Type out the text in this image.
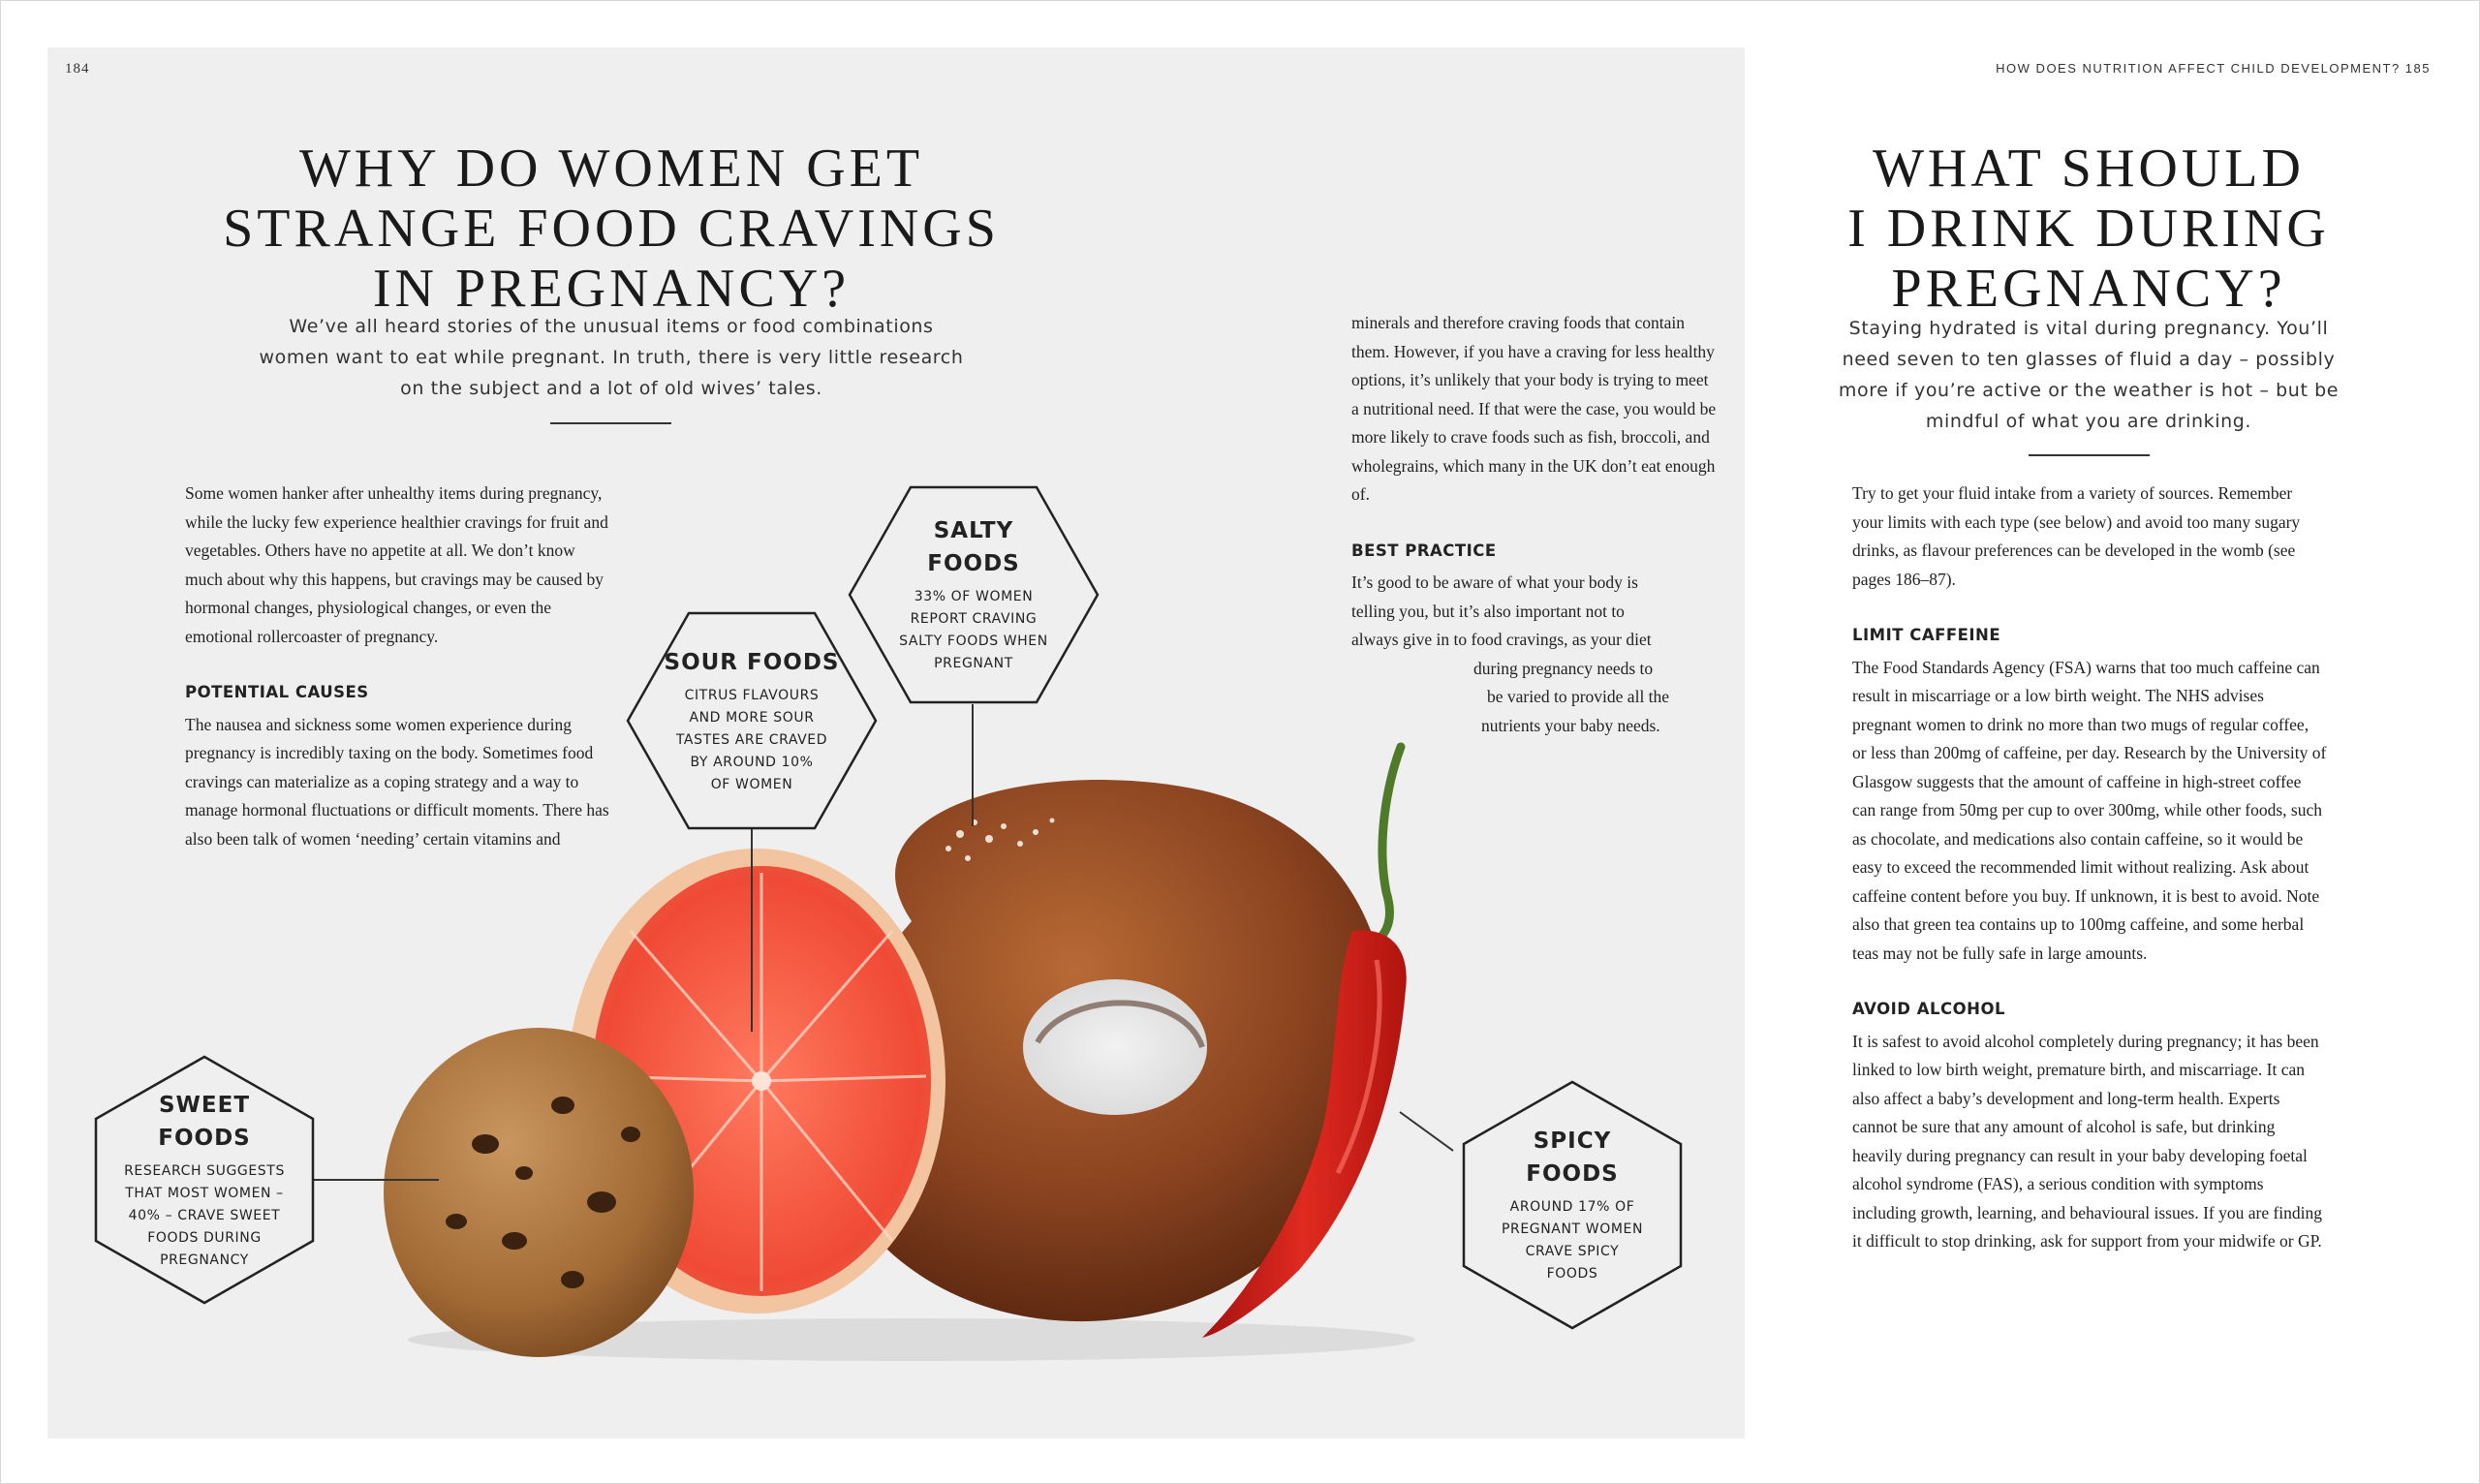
184	HOW DOES NUTRITION AFFECT CHILD DEVELOPMENT? 185
WHY DO WOMEN GET
STRANGE FOOD CRAVINGS
IN PREGNANCY?
We’ve all heard stories of the unusual items or food combinations
women want to eat while pregnant. In truth, there is very little research
on the subject and a lot of old wives’ tales.

Some women hanker after unhealthy items during pregnancy, while the lucky few experience healthier cravings for fruit and vegetables. Others have no appetite at all. We don’t know much about why this happens, but cravings may be caused by hormonal changes, physiological changes, or even the emotional rollercoaster of pregnancy.

POTENTIAL CAUSES

The nausea and sickness some women experience during pregnancy is incredibly taxing on the body. Sometimes food cravings can materialize as a coping strategy and a way to manage hormonal fluctuations or difficult moments. There has also been talk of women ‘needing’ certain vitamins and

minerals and therefore craving foods that contain them. However, if you have a craving for less healthy options, it’s unlikely that your body is trying to meet a nutritional need. If that were the case, you would be more likely to crave foods such as fish, broccoli, and wholegrains, which many in the UK don’t eat enough of.

BEST PRACTICE
It’s good to be aware of what your body is
telling you, but it’s also important not to
always give in to food cravings, as your diet
during pregnancy needs to
be varied to provide all the
nutrients your baby needs.
SALTY
FOODS
33% OF WOMEN
REPORT CRAVING
SALTY FOODS WHEN
PREGNANT
SOUR FOODS
CITRUS FLAVOURS
AND MORE SOUR
TASTES ARE CRAVED
BY AROUND 10%
OF WOMEN
SWEET
FOODS
RESEARCH SUGGESTS
THAT MOST WOMEN –
40% – CRAVE SWEET
FOODS DURING
PREGNANCY
SPICY
FOODS
AROUND 17% OF
PREGNANT WOMEN
CRAVE SPICY
FOODS
WHAT SHOULD
I DRINK DURING
PREGNANCY?
Staying hydrated is vital during pregnancy. You’ll
need seven to ten glasses of fluid a day – possibly
more if you’re active or the weather is hot – but be
mindful of what you are drinking.

Try to get your fluid intake from a variety of sources. Remember your limits with each type (see below) and avoid too many sugary drinks, as flavour preferences can be developed in the womb (see pages 186–87).

LIMIT CAFFEINE

The Food Standards Agency (FSA) warns that too much caffeine can result in miscarriage or a low birth weight. The NHS advises pregnant women to drink no more than two mugs of regular coffee, or less than 200mg of caffeine, per day. Research by the University of Glasgow suggests that the amount of caffeine in high-street coffee can range from 50mg per cup to over 300mg, while other foods, such as chocolate, and medications also contain caffeine, so it would be easy to exceed the recommended limit without realizing. Ask about caffeine content before you buy. If unknown, it is best to avoid. Note also that green tea contains up to 100mg caffeine, and some herbal teas may not be fully safe in large amounts.

AVOID ALCOHOL

It is safest to avoid alcohol completely during pregnancy; it has been linked to low birth weight, premature birth, and miscarriage. It can also affect a baby’s development and long-term health. Experts cannot be sure that any amount of alcohol is safe, but drinking heavily during pregnancy can result in your baby developing foetal alcohol syndrome (FAS), a serious condition with symptoms including growth, learning, and behavioural issues. If you are finding it difficult to stop drinking, ask for support from your midwife or GP.
